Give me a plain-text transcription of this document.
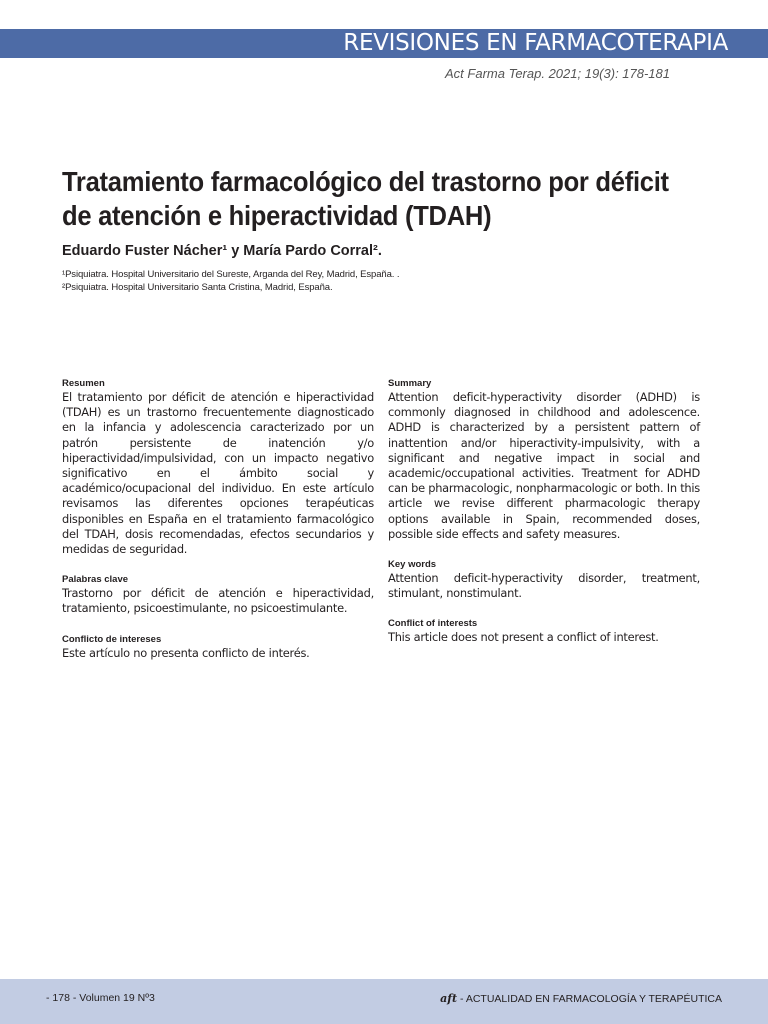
REVISIONES EN FARMACOTERAPIA
Act Farma Terap. 2021; 19(3): 178-181
Tratamiento farmacológico del trastorno por déficit de atención e hiperactividad (TDAH)
Eduardo Fuster Nácher¹ y María Pardo Corral².
¹Psiquiatra. Hospital Universitario del Sureste, Arganda del Rey, Madrid, España. .
²Psiquiatra. Hospital Universitario Santa Cristina, Madrid, España.
Resumen

El tratamiento por déficit de atención e hiperactividad (TDAH) es un trastorno frecuentemente diagnosticado en la infancia y adolescencia caracterizado por un patrón persistente de inatención y/o hiperactividad/impulsividad, con un impacto negativo significativo en el ámbito social y académico/ocupacional del individuo. En este artículo revisamos las diferentes opciones terapéuticas disponibles en España en el tratamiento farmacológico del TDAH, dosis recomendadas, efectos secundarios y medidas de seguridad.

Palabras clave

Trastorno por déficit de atención e hiperactividad, tratamiento, psicoestimulante, no psicoestimulante.

Conflicto de intereses

Este artículo no presenta conflicto de interés.

Summary

Attention deficit-hyperactivity disorder (ADHD) is commonly diagnosed in childhood and adolescence. ADHD is characterized by a persistent pattern of inattention and/or hiperactivity-impulsivity, with a significant and negative impact in social and academic/occupational activities. Treatment for ADHD can be pharmacologic, nonpharmacologic or both. In this article we revise different pharmacologic therapy options available in Spain, recommended doses, possible side effects and safety measures.

Key words

Attention deficit-hyperactivity disorder, treatment, stimulant, nonstimulant.

Conflict of interests

This article does not present a conflict of interest.

- 178 - Volumen 19 Nº3	aft - ACTUALIDAD EN FARMACOLOGÍA Y TERAPÉUTICA
